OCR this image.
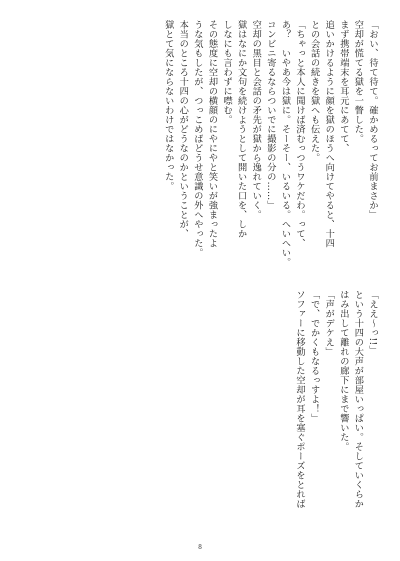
「おい、待て待て。確かめるってお前まさか」
空却が慌てる獄を一瞥した。
まず携帯端末を耳元にあてて、
追いかけるように顔を獄のほうへ向けてやると、十四
との会話の続きを獄へも伝えた。
「ちゃっと本人に聞けば済むっつうワケだわ。って、
あ？　いやあ今は獄に。そーそー、いるいる。へいへい。
コンビニ寄るならついでに撮影の分の……」
空却の黒目と会話の矛先が獄から逸れていく。
獄はなにか文句を続けようとして開いた口を、しか
しなにも言わずに噤む。
その態度に空却の横顔のにやにやと笑いが強まったよ
うな気もしたが、つっこめばどうせ意識の外へやった。
本当のところ十四の心がどうなのかということが、
獄とて気にならないわけではなかった。
「ええ～っ!!」
という十四の大声が部屋いっぱい。そしていくらか
はみ出して離れの廊下にまで響いた。
「声がデケえ」
「で、でかくもなるっすよ！」
ソファーに移動した空却が耳を塞ぐポーズをとれば
8
